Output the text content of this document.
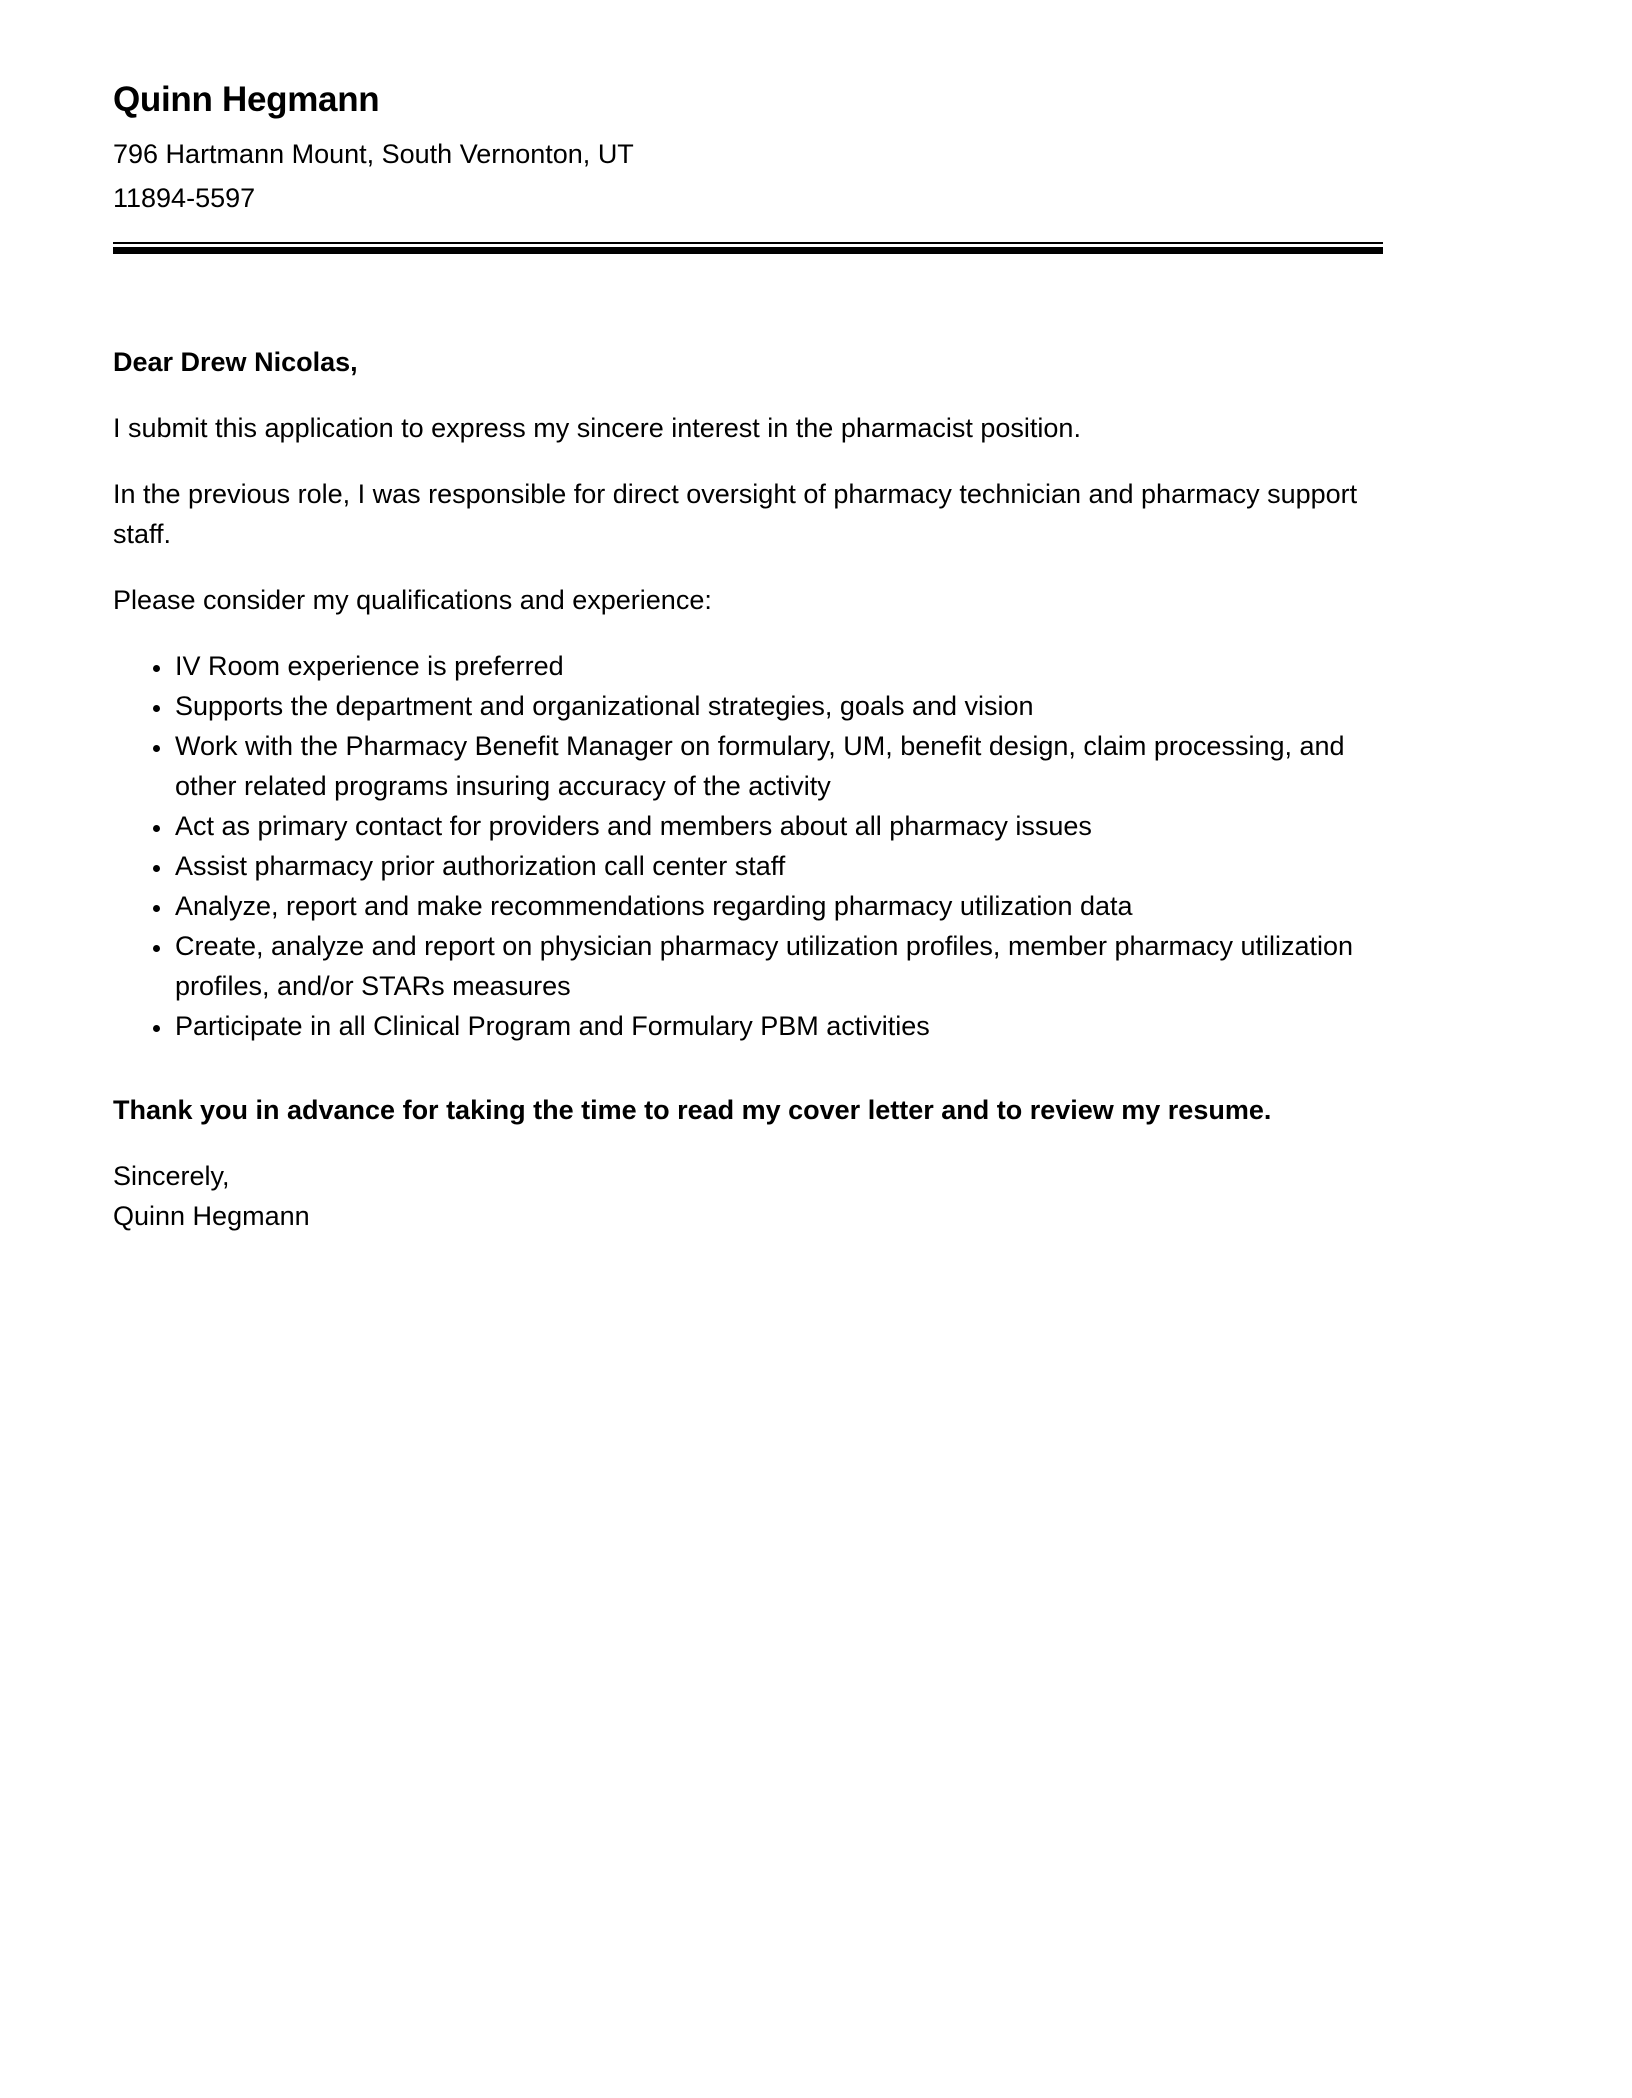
Quinn Hegmann

796 Hartmann Mount, South Vernonton, UT

11894-5597

Dear Drew Nicolas,

I submit this application to express my sincere interest in the pharmacist position.

In the previous role, I was responsible for direct oversight of pharmacy technician and pharmacy support staff.

Please consider my qualifications and experience:

• IV Room experience is preferred
• Supports the department and organizational strategies, goals and vision
• Work with the Pharmacy Benefit Manager on formulary, UM, benefit design, claim processing, and other related programs insuring accuracy of the activity
• Act as primary contact for providers and members about all pharmacy issues
• Assist pharmacy prior authorization call center staff
• Analyze, report and make recommendations regarding pharmacy utilization data
• Create, analyze and report on physician pharmacy utilization profiles, member pharmacy utilization profiles, and/or STARs measures
• Participate in all Clinical Program and Formulary PBM activities

Thank you in advance for taking the time to read my cover letter and to review my resume.

Sincerely,
Quinn Hegmann
